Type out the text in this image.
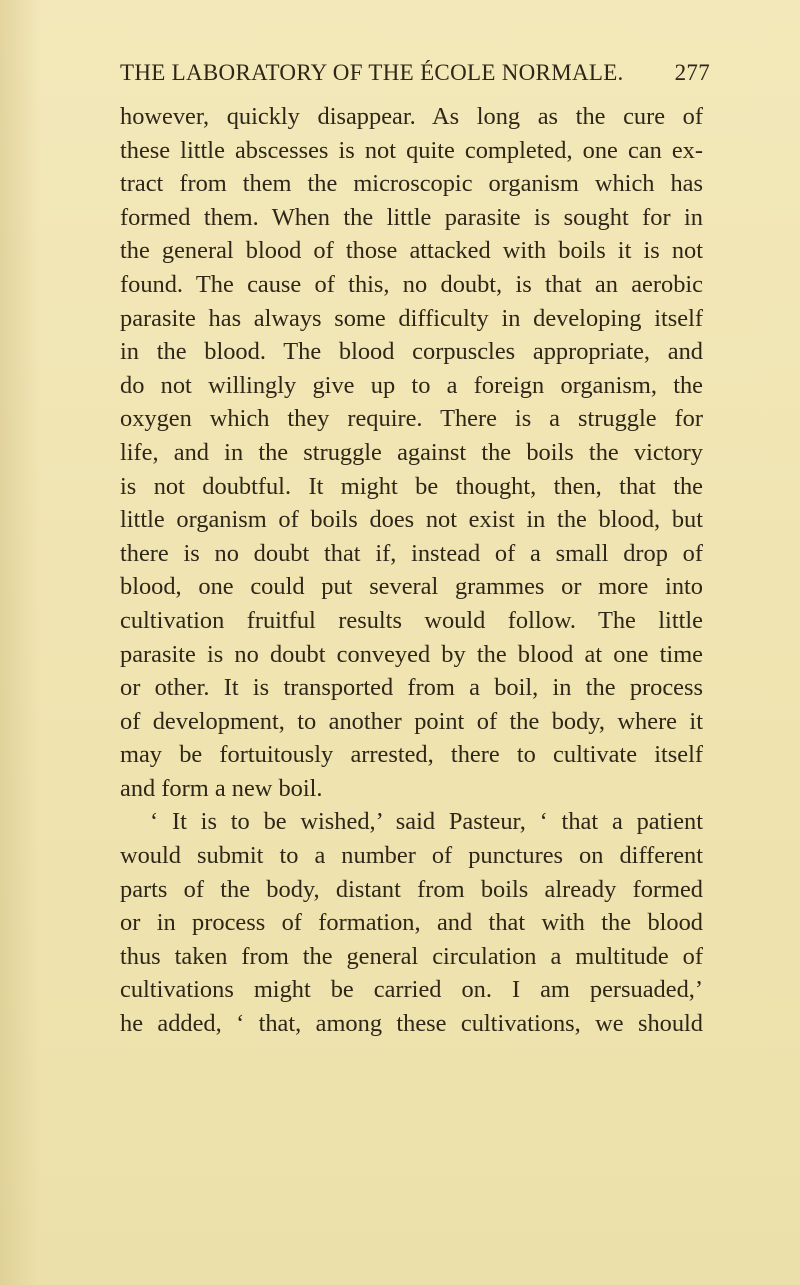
THE LABORATORY OF THE ÉCOLE NORMALE. 277
however, quickly disappear. As long as the cure of
these little abscesses is not quite completed, one can ex-
tract from them the microscopic organism which has
formed them. When the little parasite is sought for in
the general blood of those attacked with boils it is not
found. The cause of this, no doubt, is that an aerobic
parasite has always some difficulty in developing itself
in the blood. The blood corpuscles appropriate, and
do not willingly give up to a foreign organism, the
oxygen which they require. There is a struggle for
life, and in the struggle against the boils the victory
is not doubtful. It might be thought, then, that the
little organism of boils does not exist in the blood, but
there is no doubt that if, instead of a small drop of
blood, one could put several grammes or more into
cultivation fruitful results would follow. The little
parasite is no doubt conveyed by the blood at one time
or other. It is transported from a boil, in the process
of development, to another point of the body, where it
may be fortuitously arrested, there to cultivate itself
and form a new boil.
‘ It is to be wished,’ said Pasteur, ‘ that a patient
would submit to a number of punctures on different
parts of the body, distant from boils already formed
or in process of formation, and that with the blood
thus taken from the general circulation a multitude of
cultivations might be carried on. I am persuaded,’
he added, ‘ that, among these cultivations, we should
